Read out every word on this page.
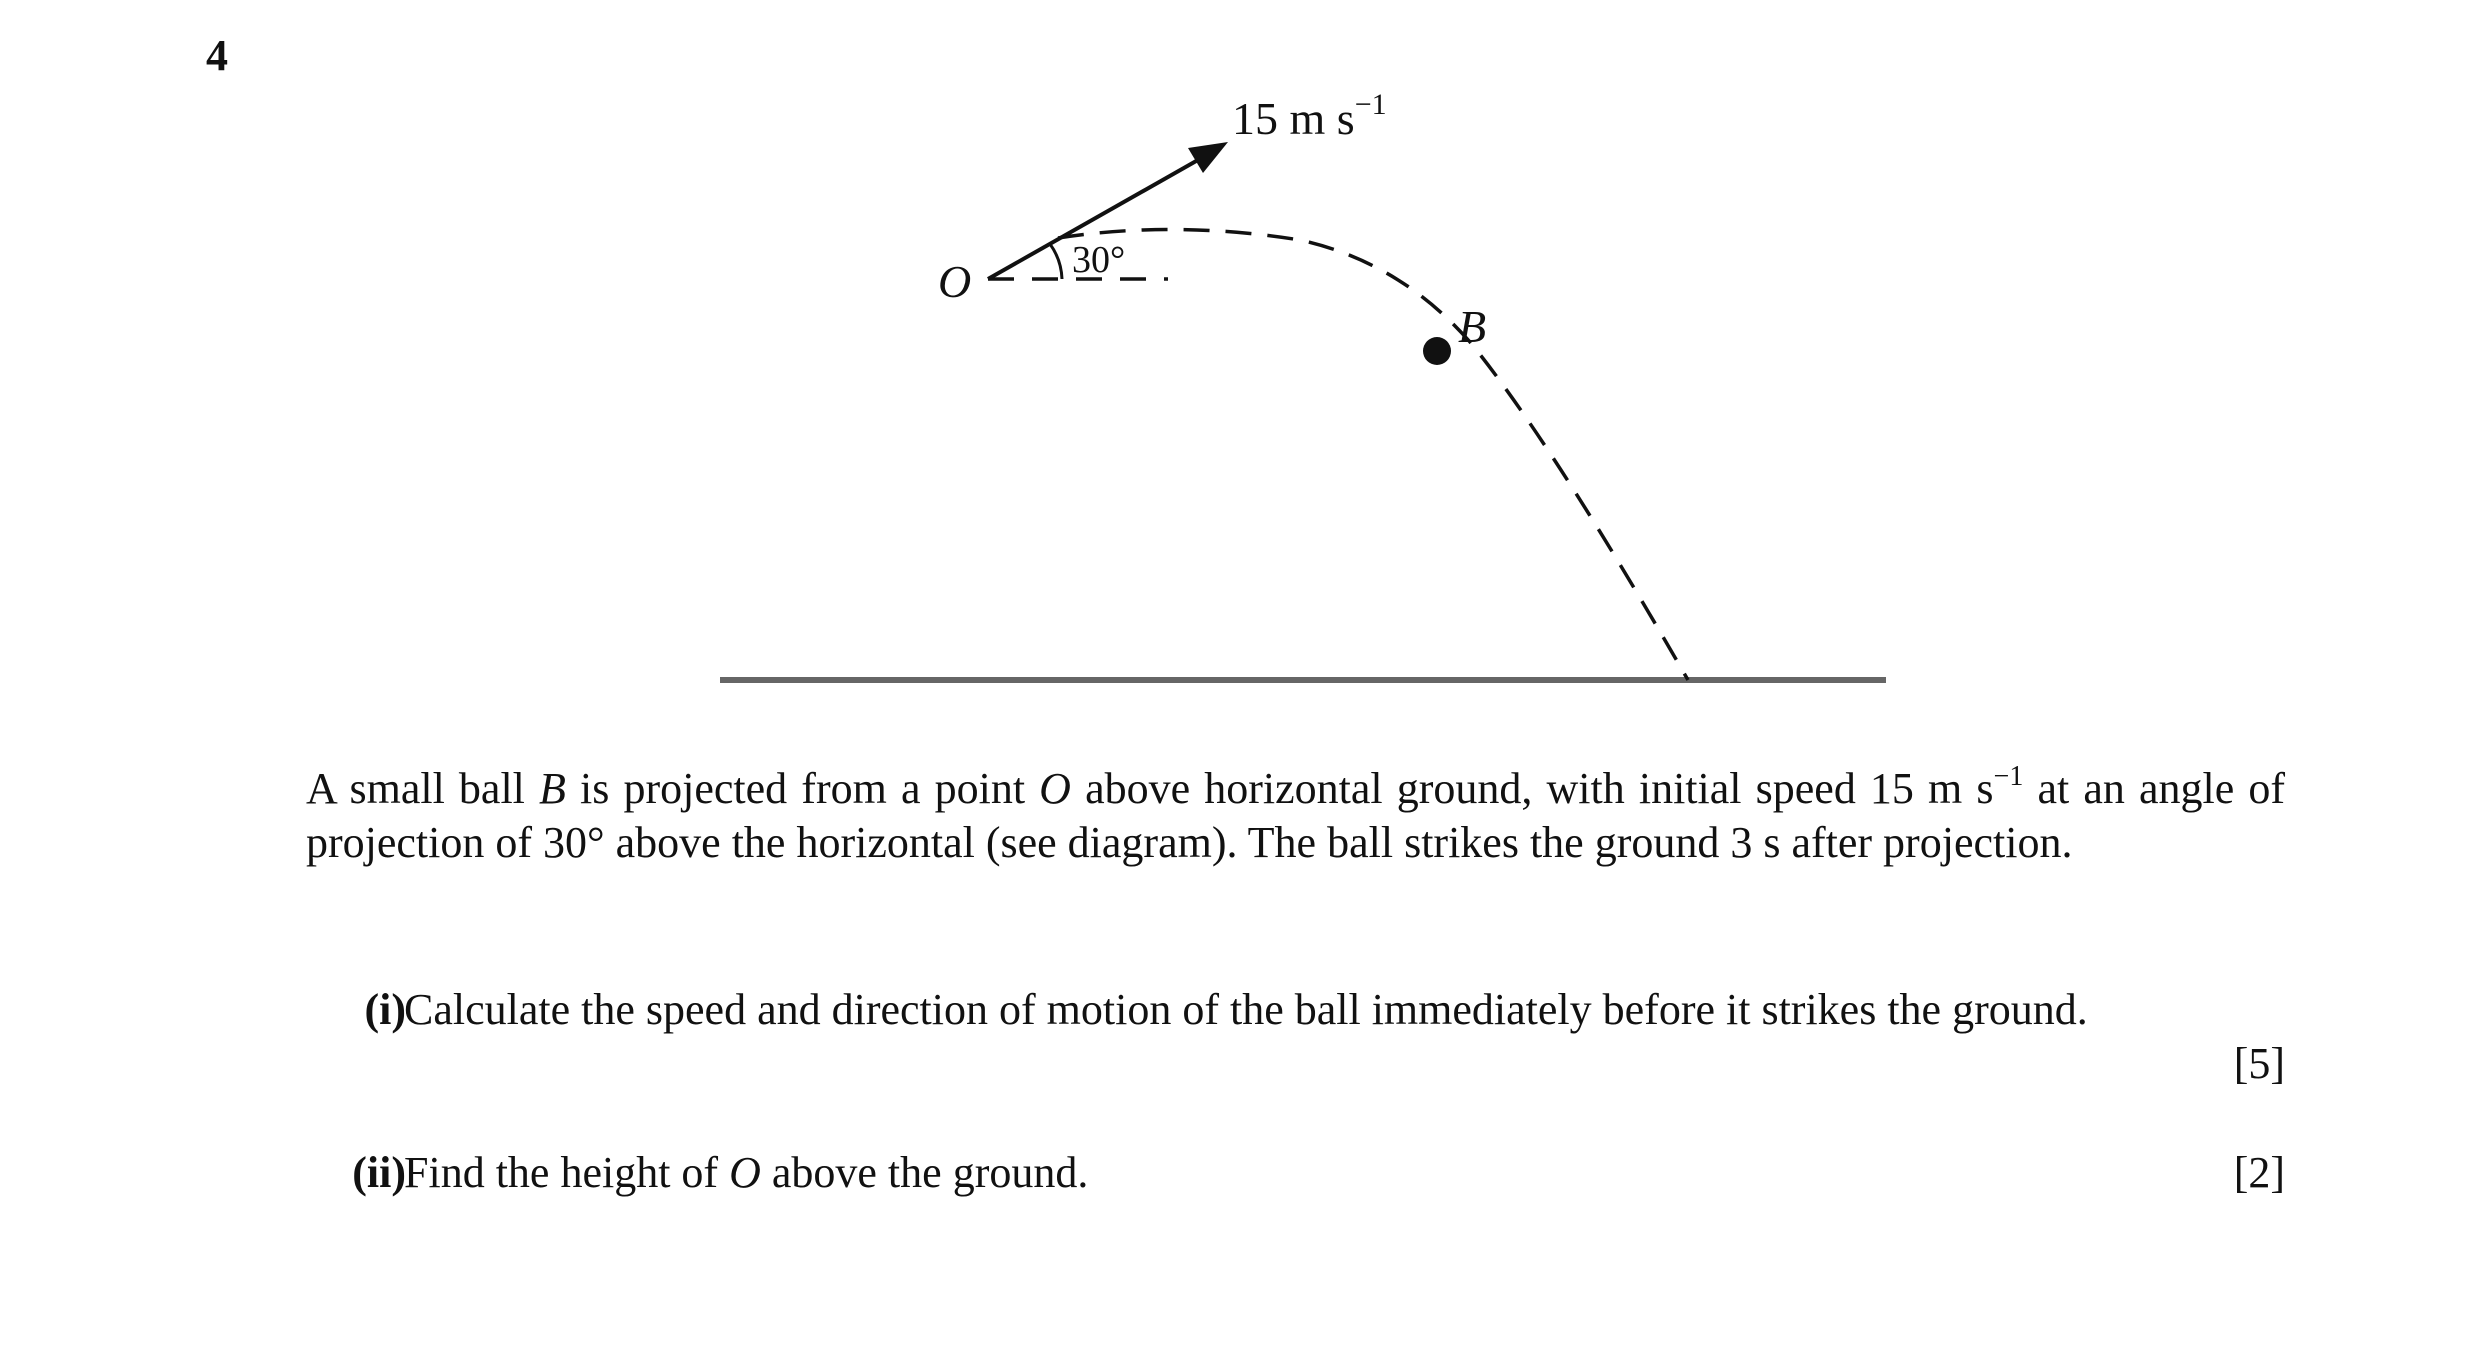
4
O	30°
15 m $s^{-1}$
B
A small ball B is projected from a point O above horizontal ground, with initial speed 15 m $s^{-1}$ at an angle of projection of 30° above the horizontal (see diagram). The ball strikes the ground 3 s after projection.
(i)
Calculate the speed and direction of motion of the ball immediately before it strikes the ground.
[5]
(ii)
Find the height of O above the ground.	[2]
